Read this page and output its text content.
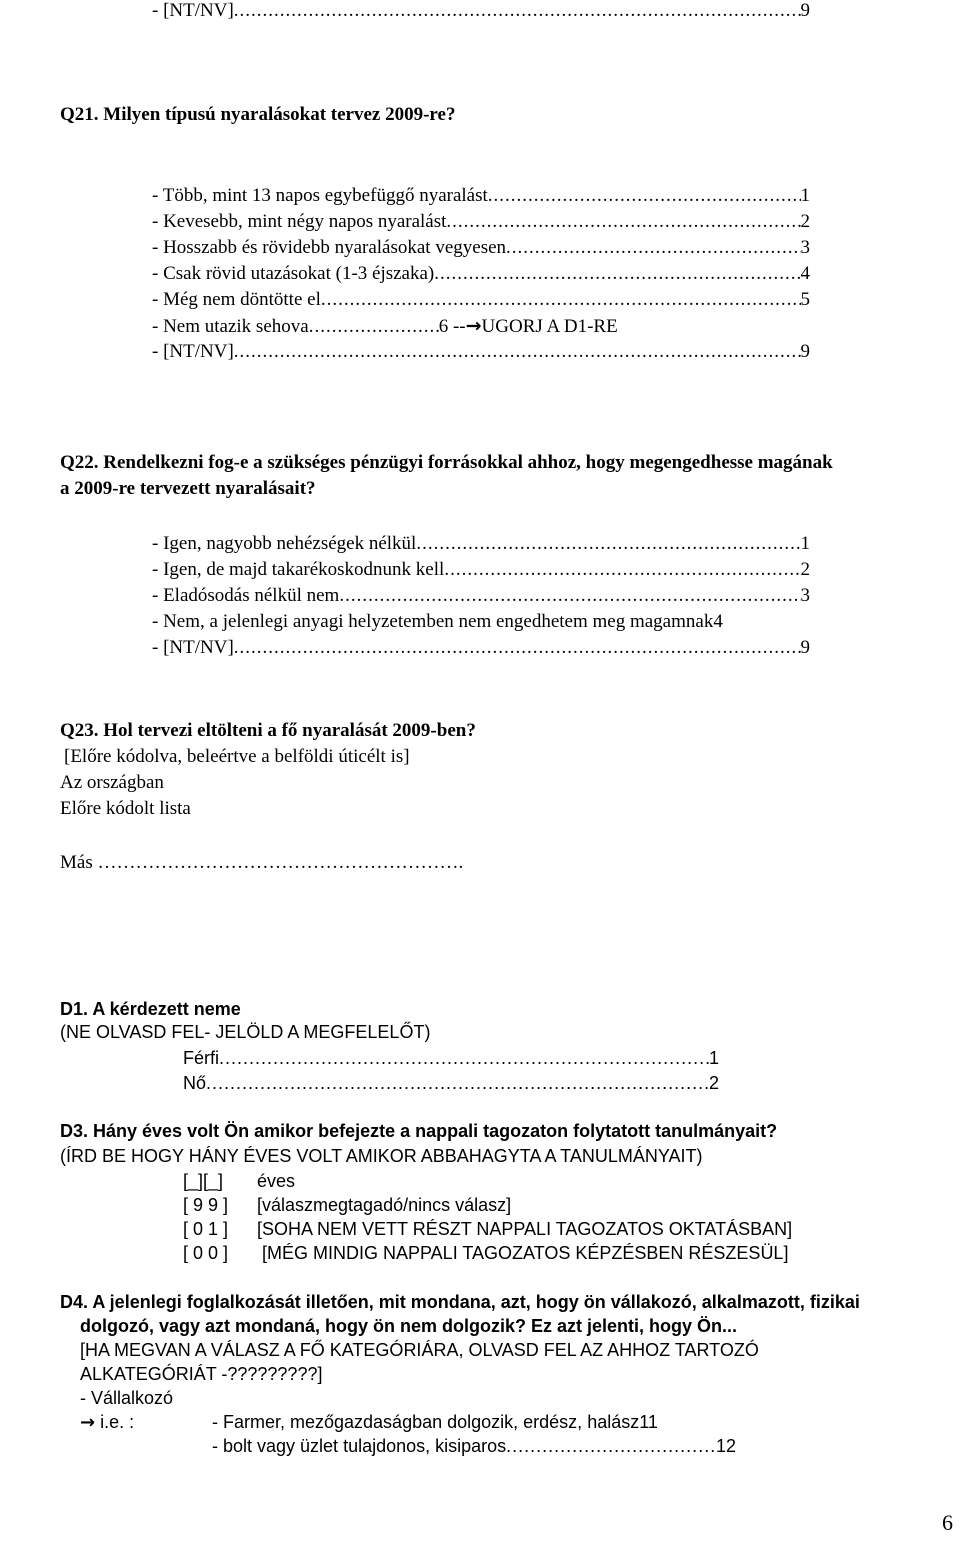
- [NT/NV] .....	9
Q21. Milyen típusú nyaralásokat tervez 2009-re?
- Több, mint 13 napos egybefüggő nyaralást .....	1
- Kevesebb, mint négy napos nyaralást .....	2
- Hosszabb és rövidebb nyaralásokat vegyesen .....	3
- Csak rövid utazásokat (1-3 éjszaka) .....	4
- Még nem döntötte el .....	5
- Nem utazik sehova .....	6 -- → UGORJ A D1-RE
- [NT/NV] .....	9
Q22. Rendelkezni fog-e a szükséges pénzügyi forrásokkal ahhoz, hogy megengedhesse magának
a 2009-re tervezett nyaralásait?
- Igen, nagyobb nehézségek nélkül .....	1
- Igen, de majd takarékoskodnunk kell .....	2
- Eladósodás nélkül nem .....	3
- Nem, a jelenlegi anyagi helyzetemben nem engedhetem meg magamnak4
- [NT/NV] .....	9
Q23. Hol tervezi eltölteni a fő nyaralását 2009-ben?
[Előre kódolva, beleértve a belföldi úticélt is]
Az országban
Előre kódolt lista
Más ………………………………………………….
D1. A kérdezett neme
(NE OLVASD FEL- JELÖLD A MEGFELELŐT)
Férfi .....	1
Nő .....	2
D3. Hány éves volt Ön amikor befejezte a nappali tagozaton folytatott tanulmányait?
(ÍRD BE HOGY HÁNY ÉVES VOLT AMIKOR ABBAHAGYTA A TANULMÁNYAIT)
[_][_] éves
[ 9 9 ] [válaszmegtagadó/nincs válasz]
[ 0 1 ] [SOHA NEM VETT RÉSZT NAPPALI TAGOZATOS OKTATÁSBAN]
[ 0 0 ] [MÉG MINDIG NAPPALI TAGOZATOS KÉPZÉSBEN RÉSZESÜL]
D4. A jelenlegi foglalkozását illetően, mit mondana, azt, hogy ön vállakozó, alkalmazott, fizikai
dolgozó, vagy azt mondaná, hogy ön nem dolgozik? Ez azt jelenti, hogy Ön...
[HA MEGVAN A VÁLASZ A FŐ KATEGÓRIÁRA, OLVASD FEL AZ AHHOZ TARTOZÓ
ALKATEGÓRIÁT -?????????]
- Vállalkozó
→ i.e. :	- Farmer, mezőgazdaságban dolgozik, erdész, halász11
- bolt vagy üzlet tulajdonos, kisiparos .....	12
6
